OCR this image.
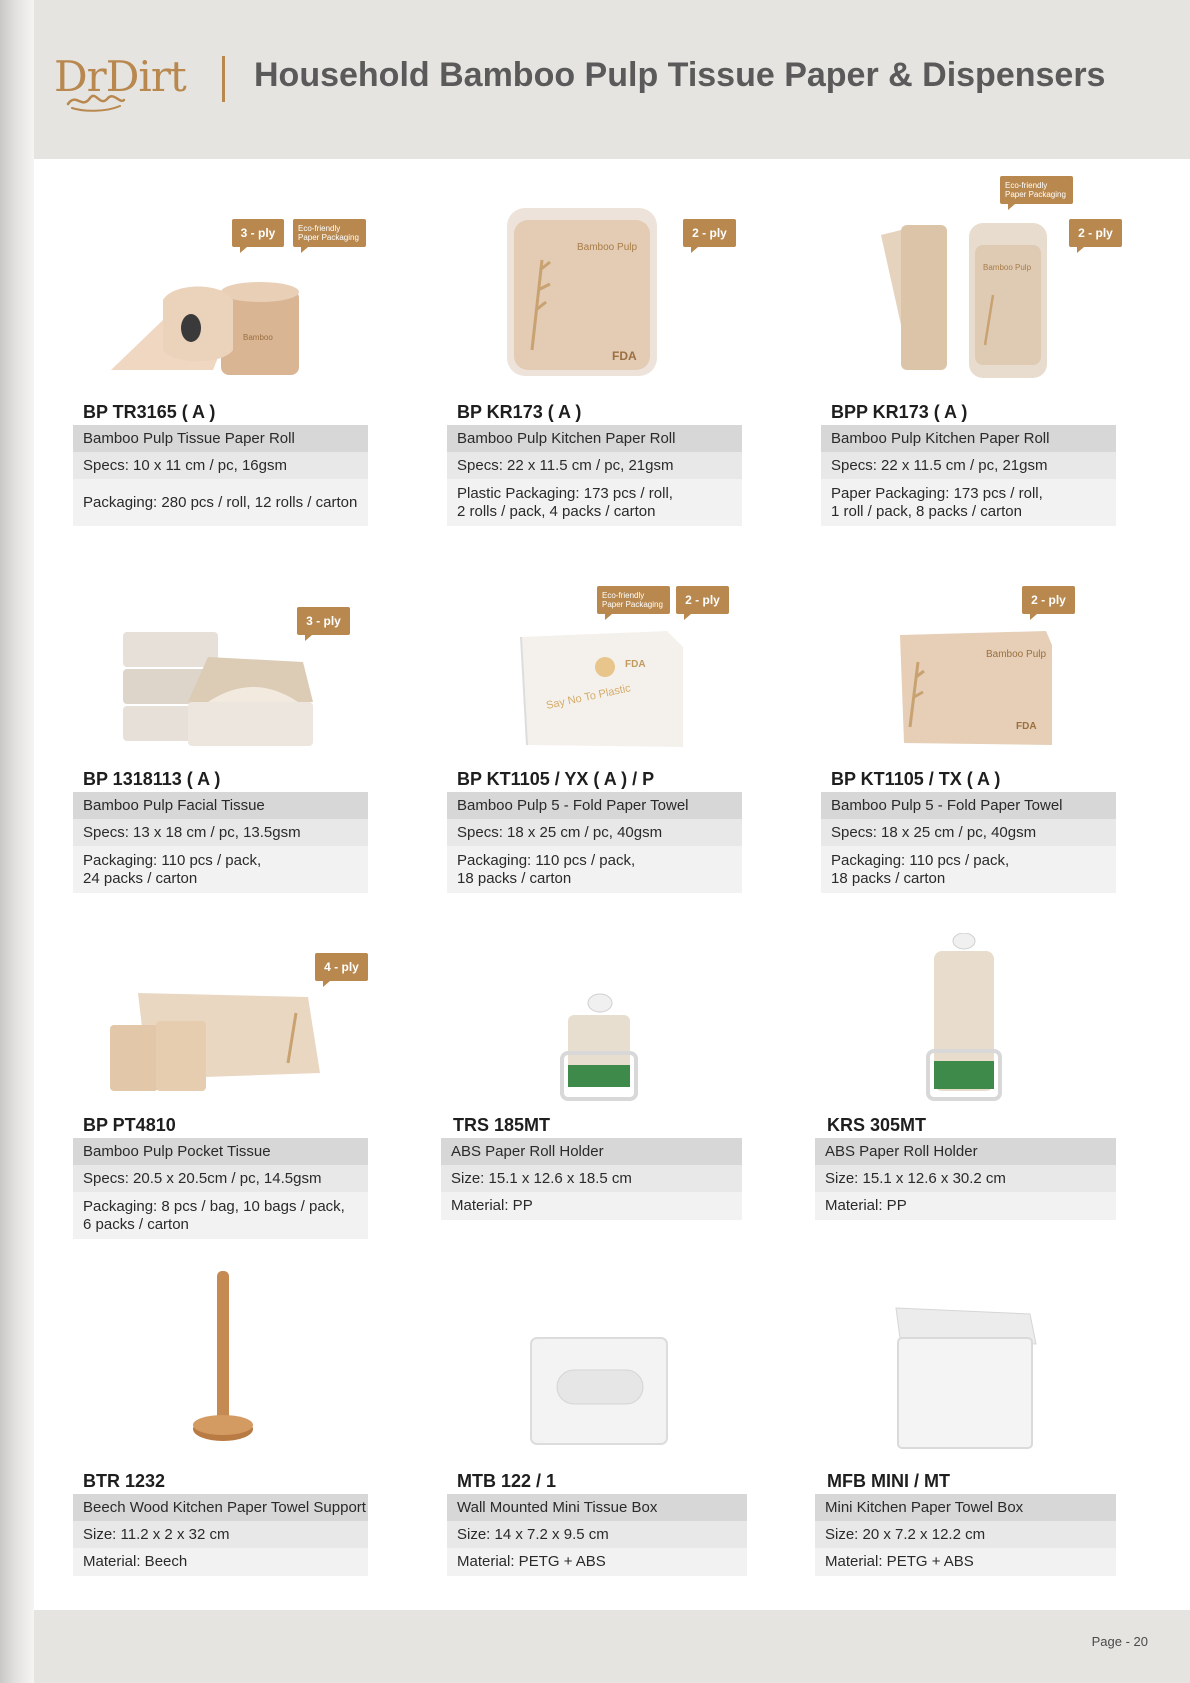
DrDirt Household Bamboo Pulp Tissue Paper & Dispensers
3 - ply	Eco-friendly
Paper Packaging
Bamboo
BP TR3165 ( A )
Bamboo Pulp Tissue Paper Roll
Specs: 10 x 11 cm / pc, 16gsm
Packaging: 280 pcs / roll, 12 rolls / carton
2 - ply
Bamboo Pulp
FDA
BP KR173 ( A )
Bamboo Pulp Kitchen Paper Roll
Specs: 22 x 11.5 cm / pc, 21gsm
Plastic Packaging: 173 pcs / roll,
2 rolls / pack, 4 packs / carton
Eco-friendly
Paper Packaging
2 - ply
Bamboo Pulp
BPP KR173 ( A )
Bamboo Pulp Kitchen Paper Roll
Specs: 22 x 11.5 cm / pc, 21gsm
Paper Packaging: 173 pcs / roll,
1 roll / pack, 8 packs / carton
3 - ply
BP 1318113 ( A )
Bamboo Pulp Facial Tissue
Specs: 13 x 18 cm / pc, 13.5gsm
Packaging: 110 pcs / pack,
24 packs / carton
Eco-friendly
Paper Packaging	2 - ply
Say No To Plastic
FDA
BP KT1105 / YX ( A ) / P
Bamboo Pulp 5 - Fold Paper Towel
Specs: 18 x 25 cm / pc, 40gsm
Packaging: 110 pcs / pack,
18 packs / carton
2 - ply
Bamboo Pulp
FDA
BP KT1105 / TX ( A )
Bamboo Pulp 5 - Fold Paper Towel
Specs: 18 x 25 cm / pc, 40gsm
Packaging: 110 pcs / pack,
18 packs / carton
4 - ply
BP PT4810
Bamboo Pulp Pocket Tissue
Specs: 20.5 x 20.5cm / pc, 14.5gsm
Packaging: 8 pcs / bag, 10 bags / pack,
6 packs / carton
TRS 185MT
ABS Paper Roll Holder
Size: 15.1 x 12.6 x 18.5 cm
Material: PP
KRS 305MT
ABS Paper Roll Holder
Size: 15.1 x 12.6 x 30.2 cm
Material: PP
BTR 1232
Beech Wood Kitchen Paper Towel Support
Size: 11.2 x 2 x 32 cm
Material: Beech
MTB 122 / 1
Wall Mounted Mini Tissue Box
Size: 14 x 7.2 x 9.5 cm
Material: PETG + ABS
MFB MINI / MT
Mini Kitchen Paper Towel Box
Size: 20 x 7.2 x 12.2 cm
Material: PETG + ABS
Page - 20
